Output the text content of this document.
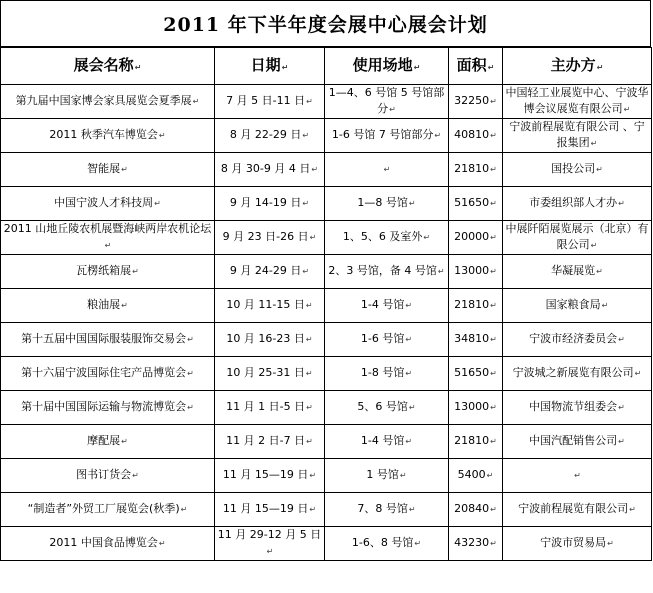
2011 年下半年度会展中心展会计划
展会名称↵	日期↵	使用场地↵	面积↵	主办方↵
第九届中国家博会家具展览会夏季展↵	7 月 5 日-11 日↵	1—4、6 号馆 5 号馆部分↵	32250↵	中国轻工业展览中心、宁波华博会议展览有限公司↵
2011 秋季汽车博览会↵	8 月 22-29 日↵	1-6 号馆 7 号馆部分↵	40810↵	宁波前程展览有限公司 、宁报集团↵
智能展↵	8 月 30-9 月 4 日↵	↵	21810↵	国投公司↵
中国宁波人才科技周↵	9 月 14-19 日↵	1—8 号馆↵	51650↵	市委组织部人才办↵
2011 山地丘陵农机展暨海峡两岸农机论坛↵	9 月 23 日-26 日↵	1、5、6 及室外↵	20000↵	中展阡陌展览展示（北京）有限公司↵
瓦楞纸箱展↵	9 月 24-29 日↵	2、3 号馆，备 4 号馆↵	13000↵	华凝展览↵
粮油展↵	10 月 11-15 日↵	1-4 号馆↵	21810↵	国家粮食局↵
第十五届中国国际服装服饰交易会↵	10 月 16-23 日↵	1-6 号馆↵	34810↵	宁波市经济委员会↵
第十六届宁波国际住宅产品博览会↵	10 月 25-31 日↵	1-8 号馆↵	51650↵	宁波城之新展览有限公司↵
第十届中国国际运输与物流博览会↵	11 月 1 日-5 日↵	5、6 号馆↵	13000↵	中国物流节组委会↵
摩配展↵	11 月 2 日-7 日↵	1-4 号馆↵	21810↵	中国汽配销售公司↵
图书订货会↵	11 月 15—19 日↵	1 号馆↵	5400↵	↵
“制造者”外贸工厂展览会(秋季)↵	11 月 15—19 日↵	7、8 号馆↵	20840↵	宁波前程展览有限公司↵
2011 中国食品博览会↵	11 月 29-12 月 5 日↵	1-6、8 号馆↵	43230↵	宁波市贸易局↵
